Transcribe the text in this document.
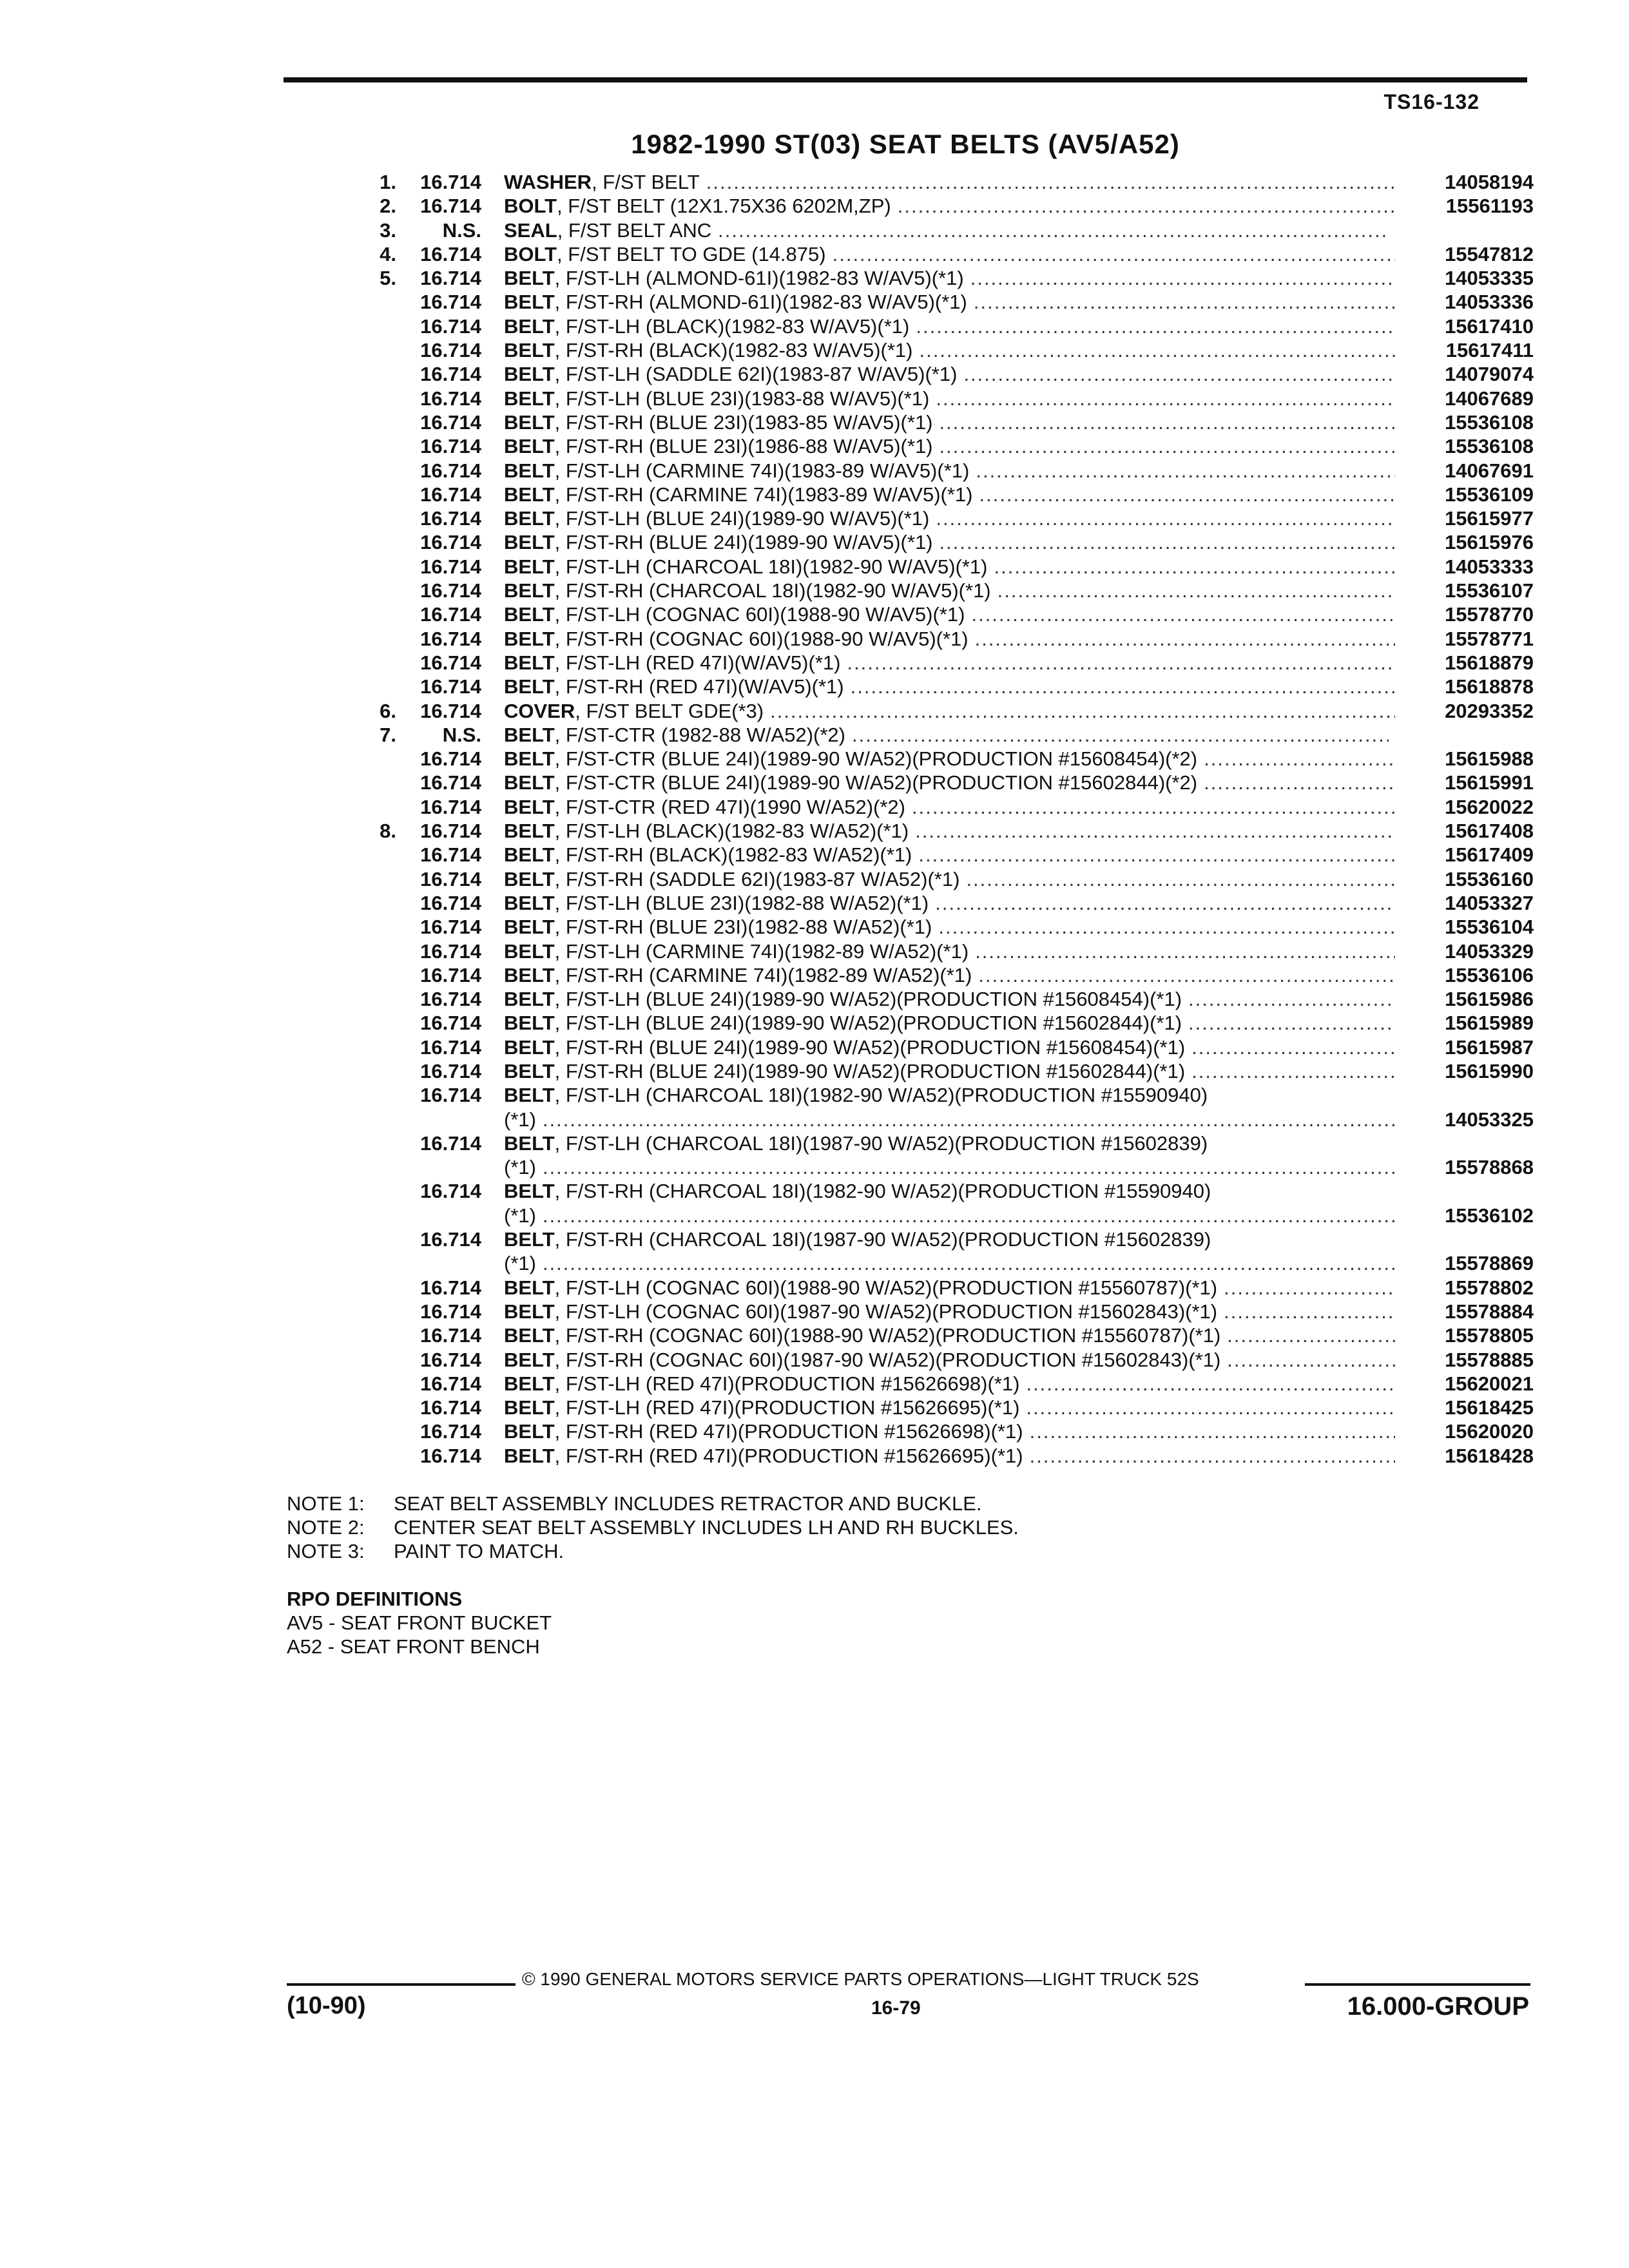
TS16-132
1982-1990 ST(03) SEAT BELTS (AV5/A52)
1.	16.714 WASHER , F/ST BELT .....	14058194
2.	16.714 BOLT , F/ST BELT (12X1.75X36 6202M,ZP) .....	15561193
3.	N.S. SEAL , F/ST BELT ANC
.....
4.	16.714 BOLT , F/ST BELT TO GDE (14.875) .....	15547812
5.	16.714 BELT , F/ST-LH (ALMOND-61I)(1982-83 W/AV5)(*1) .....	14053335
16.714 BELT , F/ST-RH (ALMOND-61I)(1982-83 W/AV5)(*1) .....	14053336
16.714 BELT , F/ST-LH (BLACK)(1982-83 W/AV5)(*1) .....	15617410
16.714 BELT , F/ST-RH (BLACK)(1982-83 W/AV5)(*1) .....	15617411
16.714 BELT , F/ST-LH (SADDLE 62I)(1983-87 W/AV5)(*1) .....	14079074
16.714 BELT , F/ST-LH (BLUE 23I)(1983-88 W/AV5)(*1) .....	14067689
16.714 BELT , F/ST-RH (BLUE 23I)(1983-85 W/AV5)(*1) .....	15536108
16.714 BELT , F/ST-RH (BLUE 23I)(1986-88 W/AV5)(*1) .....	15536108
16.714 BELT , F/ST-LH (CARMINE 74I)(1983-89 W/AV5)(*1) .....	14067691
16.714 BELT , F/ST-RH (CARMINE 74I)(1983-89 W/AV5)(*1) .....	15536109
16.714 BELT , F/ST-LH (BLUE 24I)(1989-90 W/AV5)(*1) .....	15615977
16.714 BELT , F/ST-RH (BLUE 24I)(1989-90 W/AV5)(*1) .....	15615976
16.714 BELT , F/ST-LH (CHARCOAL 18I)(1982-90 W/AV5)(*1) .....	14053333
16.714 BELT , F/ST-RH (CHARCOAL 18I)(1982-90 W/AV5)(*1) .....	15536107
16.714 BELT , F/ST-LH (COGNAC 60I)(1988-90 W/AV5)(*1) .....	15578770
16.714 BELT , F/ST-RH (COGNAC 60I)(1988-90 W/AV5)(*1) .....	15578771
16.714 BELT , F/ST-LH (RED 47I)(W/AV5)(*1) .....	15618879
16.714 BELT , F/ST-RH (RED 47I)(W/AV5)(*1) .....	15618878
6.	16.714 COVER , F/ST BELT GDE(*3) .....	20293352
7.	N.S. BELT , F/ST-CTR (1982-88 W/A52)(*2)
.....
16.714 BELT , F/ST-CTR (BLUE 24I)(1989-90 W/A52)(PRODUCTION #15608454)(*2) .....	15615988
16.714 BELT , F/ST-CTR (BLUE 24I)(1989-90 W/A52)(PRODUCTION #15602844)(*2) .....	15615991
16.714 BELT , F/ST-CTR (RED 47I)(1990 W/A52)(*2) .....	15620022
8.	16.714 BELT , F/ST-LH (BLACK)(1982-83 W/A52)(*1) .....	15617408
16.714 BELT , F/ST-RH (BLACK)(1982-83 W/A52)(*1) .....	15617409
16.714 BELT , F/ST-RH (SADDLE 62I)(1983-87 W/A52)(*1) .....	15536160
16.714 BELT , F/ST-LH (BLUE 23I)(1982-88 W/A52)(*1) .....	14053327
16.714 BELT , F/ST-RH (BLUE 23I)(1982-88 W/A52)(*1) .....	15536104
16.714 BELT , F/ST-LH (CARMINE 74I)(1982-89 W/A52)(*1) .....	14053329
16.714 BELT , F/ST-RH (CARMINE 74I)(1982-89 W/A52)(*1) .....	15536106
16.714 BELT , F/ST-LH (BLUE 24I)(1989-90 W/A52)(PRODUCTION #15608454)(*1) .....	15615986
16.714 BELT , F/ST-LH (BLUE 24I)(1989-90 W/A52)(PRODUCTION #15602844)(*1) .....	15615989
16.714 BELT , F/ST-RH (BLUE 24I)(1989-90 W/A52)(PRODUCTION #15608454)(*1) .....	15615987
16.714 BELT , F/ST-RH (BLUE 24I)(1989-90 W/A52)(PRODUCTION #15602844)(*1) .....	15615990
16.714 BELT , F/ST-LH (CHARCOAL 18I)(1982-90 W/A52)(PRODUCTION #15590940)
(*1) .....	14053325
16.714 BELT , F/ST-LH (CHARCOAL 18I)(1987-90 W/A52)(PRODUCTION #15602839)
(*1) .....	15578868
16.714 BELT , F/ST-RH (CHARCOAL 18I)(1982-90 W/A52)(PRODUCTION #15590940)
(*1) .....	15536102
16.714 BELT , F/ST-RH (CHARCOAL 18I)(1987-90 W/A52)(PRODUCTION #15602839)
(*1) .....	15578869
16.714 BELT , F/ST-LH (COGNAC 60I)(1988-90 W/A52)(PRODUCTION #15560787)(*1) .....	15578802
16.714 BELT , F/ST-LH (COGNAC 60I)(1987-90 W/A52)(PRODUCTION #15602843)(*1) .....	15578884
16.714 BELT , F/ST-RH (COGNAC 60I)(1988-90 W/A52)(PRODUCTION #15560787)(*1) .....	15578805
16.714 BELT , F/ST-RH (COGNAC 60I)(1987-90 W/A52)(PRODUCTION #15602843)(*1) .....	15578885
16.714 BELT , F/ST-LH (RED 47I)(PRODUCTION #15626698)(*1) .....	15620021
16.714 BELT , F/ST-LH (RED 47I)(PRODUCTION #15626695)(*1) .....	15618425
16.714 BELT , F/ST-RH (RED 47I)(PRODUCTION #15626698)(*1) .....	15620020
16.714 BELT , F/ST-RH (RED 47I)(PRODUCTION #15626695)(*1) .....	15618428
NOTE 1:	SEAT BELT ASSEMBLY INCLUDES RETRACTOR AND BUCKLE.
NOTE 2:	CENTER SEAT BELT ASSEMBLY INCLUDES LH AND RH BUCKLES.
NOTE 3:	PAINT TO MATCH.
RPO DEFINITIONS
AV5 - SEAT FRONT BUCKET
A52 - SEAT FRONT BENCH
© 1990 GENERAL MOTORS SERVICE PARTS OPERATIONS—LIGHT TRUCK 52S
(10-90)	16-79	16.000-GROUP
